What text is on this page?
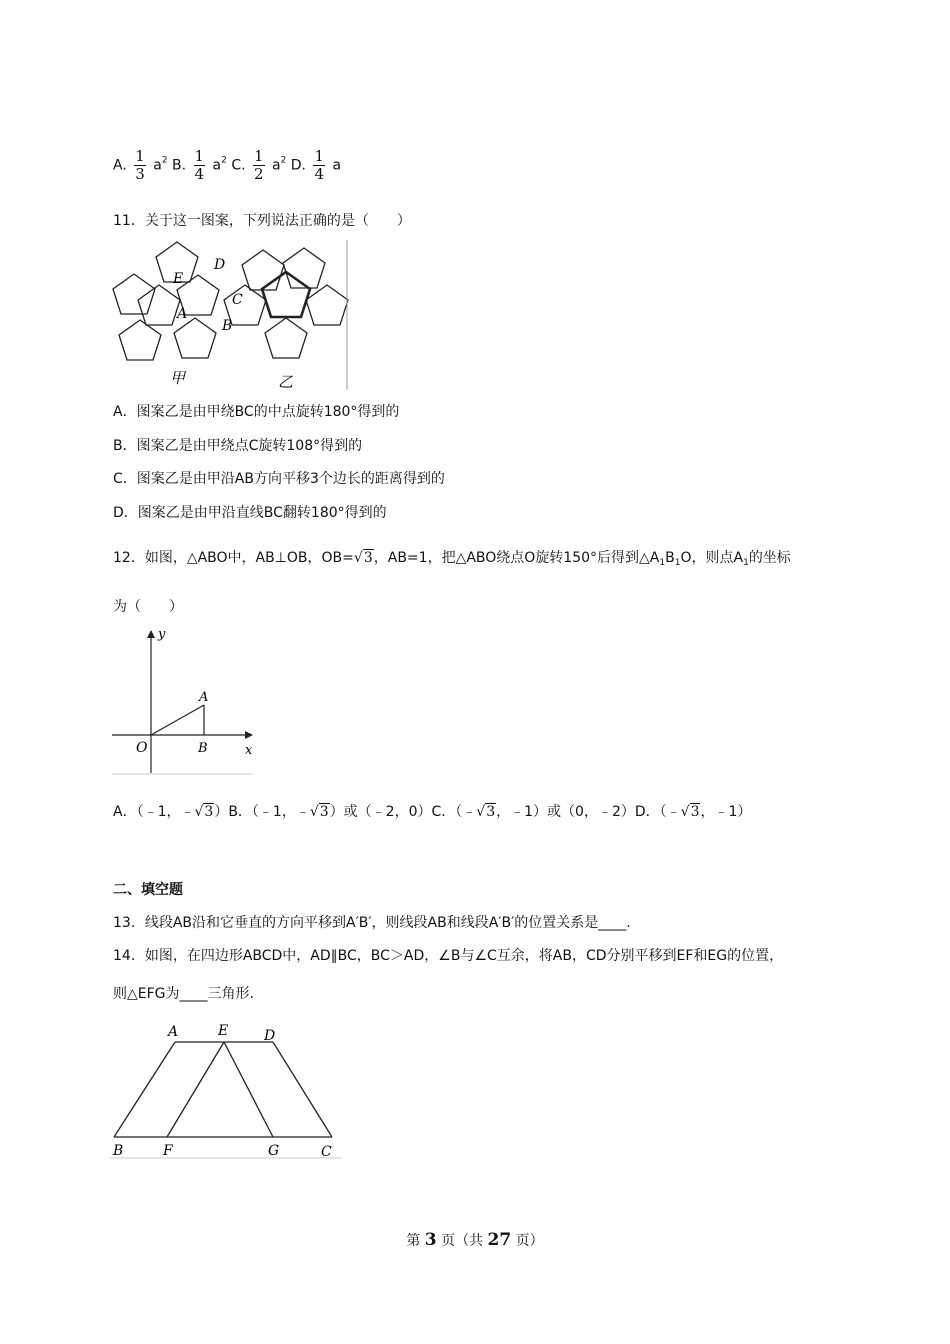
A. $\frac{1}{3} a^2$ B. $\frac{1}{4} a^2$ C. $\frac{1}{2} a^2$ D. $\frac{1}{4}$ a
11．关于这一图案，下列说法正确的是（　　）
E
D
C
A
B
甲	乙
A．图案乙是由甲绕BC的中点旋转180°得到的
B．图案乙是由甲绕点C旋转108°得到的
C．图案乙是由甲沿AB方向平移3个边长的距离得到的
D．图案乙是由甲沿直线BC翻转180°得到的
12．如图，△ABO中，AB⊥OB，OB=√3，AB=1，把△ABO绕点O旋转150°后得到$\triangle A_1B_1O$，则点$A_1$的坐标
为（　　）
y
x
O
A
B
A．（﹣1，﹣√3）B．（﹣1，﹣√3）或（﹣2，0）C．（﹣√3，﹣1）或（0，﹣2）D．（﹣√3，﹣1）
二、填空题
13．线段AB沿和它垂直的方向平移到A′B′，则线段AB和线段A′B′的位置关系是____.
14．如图，在四边形ABCD中，AD∥BC，BC＞AD，∠B与∠C互余，将AB，CD分别平移到EF和EG的位置，
则△EFG为____三角形.
A	E	D
B	F	G	C
第 3 页（共 27 页）
